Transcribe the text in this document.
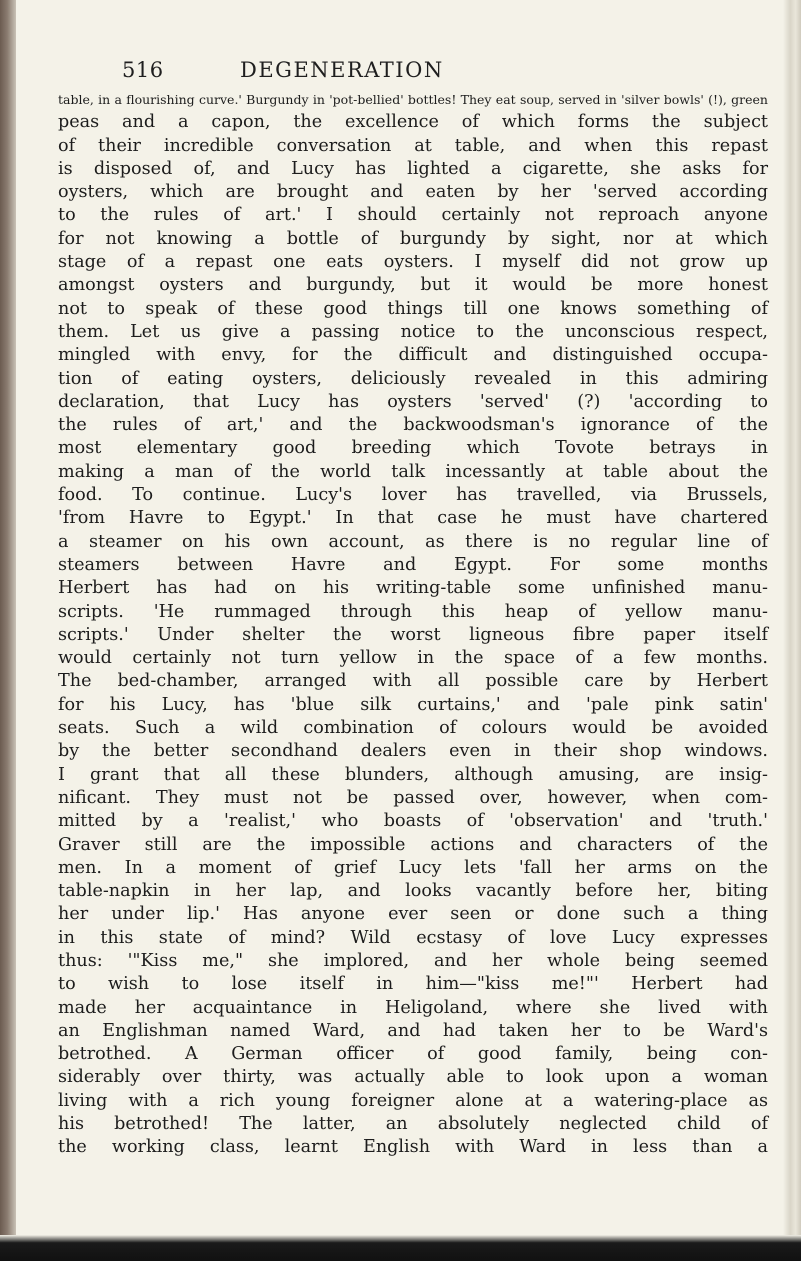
516	DEGENERATION
table, in a flourishing curve.' Burgundy in 'pot-bellied' bottles! They eat soup, served in 'silver bowls' (!), green
peas and a capon, the excellence of which forms the subject
of their incredible conversation at table, and when this repast
is disposed of, and Lucy has lighted a cigarette, she asks for
oysters, which are brought and eaten by her 'served according
to the rules of art.' I should certainly not reproach anyone
for not knowing a bottle of burgundy by sight, nor at which
stage of a repast one eats oysters. I myself did not grow up
amongst oysters and burgundy, but it would be more honest
not to speak of these good things till one knows something of
them. Let us give a passing notice to the unconscious respect,
mingled with envy, for the difficult and distinguished occupa-
tion of eating oysters, deliciously revealed in this admiring
declaration, that Lucy has oysters 'served' (?) 'according to
the rules of art,' and the backwoodsman's ignorance of the
most elementary good breeding which Tovote betrays in
making a man of the world talk incessantly at table about the
food. To continue. Lucy's lover has travelled, via Brussels,
'from Havre to Egypt.' In that case he must have chartered
a steamer on his own account, as there is no regular line of
steamers between Havre and Egypt. For some months
Herbert has had on his writing-table some unfinished manu-
scripts. 'He rummaged through this heap of yellow manu-
scripts.' Under shelter the worst ligneous fibre paper itself
would certainly not turn yellow in the space of a few months.
The bed-chamber, arranged with all possible care by Herbert
for his Lucy, has 'blue silk curtains,' and 'pale pink satin'
seats. Such a wild combination of colours would be avoided
by the better secondhand dealers even in their shop windows.
I grant that all these blunders, although amusing, are insig-
nificant. They must not be passed over, however, when com-
mitted by a 'realist,' who boasts of 'observation' and 'truth.'
Graver still are the impossible actions and characters of the
men. In a moment of grief Lucy lets 'fall her arms on the
table-napkin in her lap, and looks vacantly before her, biting
her under lip.' Has anyone ever seen or done such a thing
in this state of mind? Wild ecstasy of love Lucy expresses
thus: '"Kiss me," she implored, and her whole being seemed
to wish to lose itself in him—"kiss me!"' Herbert had
made her acquaintance in Heligoland, where she lived with
an Englishman named Ward, and had taken her to be Ward's
betrothed. A German officer of good family, being con-
siderably over thirty, was actually able to look upon a woman
living with a rich young foreigner alone at a watering-place as
his betrothed! The latter, an absolutely neglected child of
the working class, learnt English with Ward in less than a
